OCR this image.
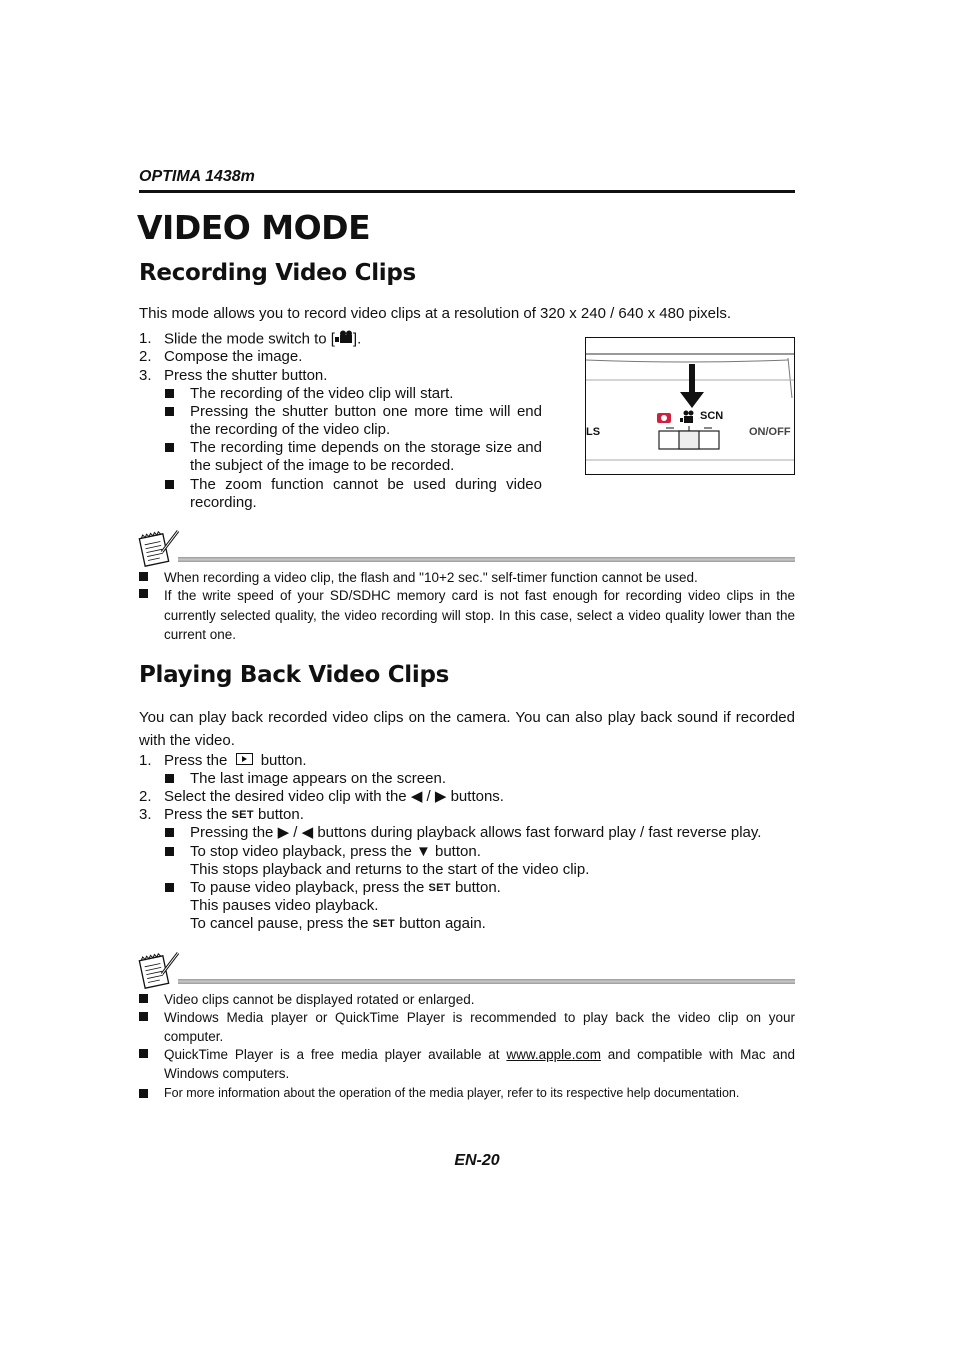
OPTIMA 1438m
VIDEO MODE
Recording Video Clips
This mode allows you to record video clips at a resolution of 320 x 240 / 640 x 480 pixels.
1. Slide the mode switch to [ ].
2. Compose the image.
3. Press the shutter button.
The recording of the video clip will start.
Pressing the shutter button one more time will end the recording of the video clip.
The recording time depends on the storage size and the subject of the image to be recorded.
The zoom function cannot be used during video recording.
LS
SCN
ON/OFF
When recording a video clip, the flash and "10+2 sec." self-timer function cannot be used.
If the write speed of your SD/SDHC memory card is not fast enough for recording video clips in the currently selected quality, the video recording will stop. In this case, select a video quality lower than the current one.
Playing Back Video Clips
You can play back recorded video clips on the camera. You can also play back sound if recorded with the video.
1. Press the button.
The last image appears on the screen.
2. Select the desired video clip with the ◀ / ▶ buttons.
3. Press the SET button.
Pressing the ▶ / ◀ buttons during playback allows fast forward play / fast reverse play.
To stop video playback, press the ▼ button.
This stops playback and returns to the start of the video clip.
To pause video playback, press the SET button.
This pauses video playback.
To cancel pause, press the SET button again.
Video clips cannot be displayed rotated or enlarged.
Windows Media player or QuickTime Player is recommended to play back the video clip on your computer.
QuickTime Player is a free media player available at www.apple.com and compatible with Mac and Windows computers.
For more information about the operation of the media player, refer to its respective help documentation.
EN-20
